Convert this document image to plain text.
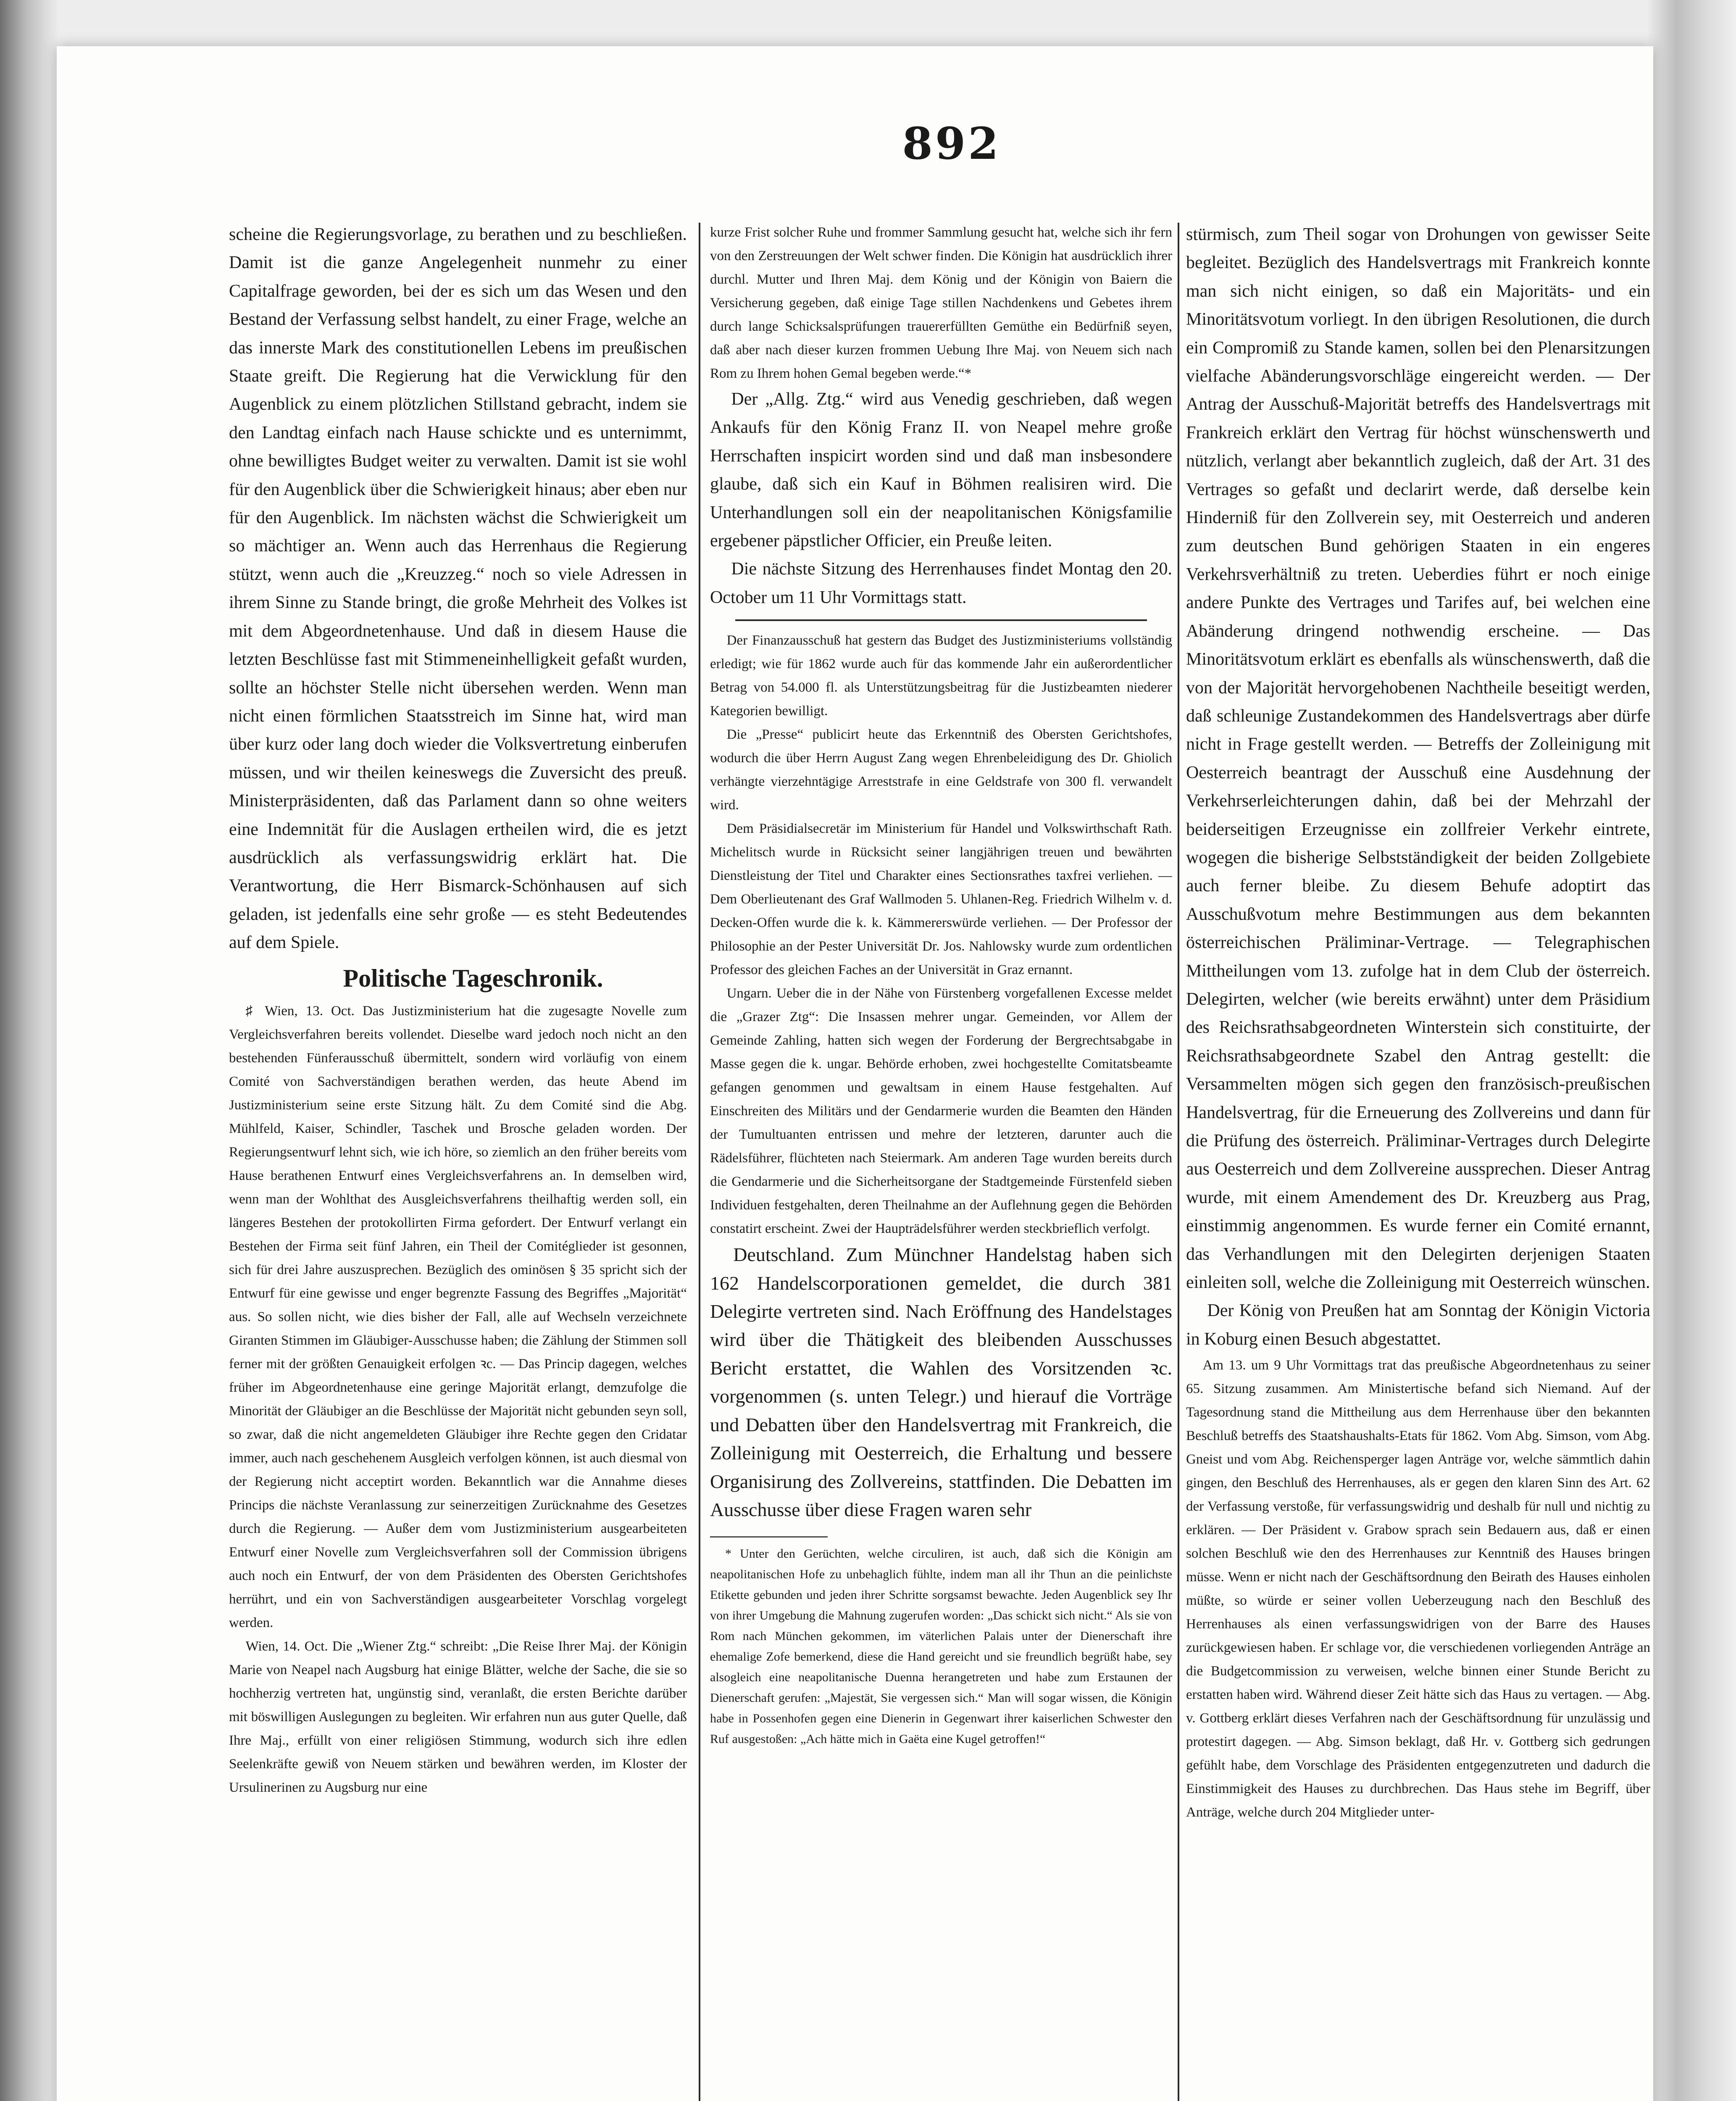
892

scheine die Regierungsvorlage, zu berathen und zu beschließen. Damit ist die ganze Angelegenheit nunmehr zu einer Capitalfrage geworden, bei der es sich um das Wesen und den Bestand der Verfassung selbst handelt, zu einer Frage, welche an das innerste Mark des constitutionellen Lebens im preußischen Staate greift. Die Regierung hat die Verwicklung für den Augenblick zu einem plötzlichen Stillstand gebracht, indem sie den Landtag einfach nach Hause schickte und es unternimmt, ohne bewilligtes Budget weiter zu verwalten. Damit ist sie wohl für den Augenblick über die Schwierigkeit hinaus; aber eben nur für den Augenblick. Im nächsten wächst die Schwierigkeit um so mächtiger an. Wenn auch das Herrenhaus die Regierung stützt, wenn auch die „Kreuzzeg.“ noch so viele Adressen in ihrem Sinne zu Stande bringt, die große Mehrheit des Volkes ist mit dem Abgeordnetenhause. Und daß in diesem Hause die letzten Beschlüsse fast mit Stimmeneinhelligkeit gefaßt wurden, sollte an höchster Stelle nicht übersehen werden. Wenn man nicht einen förmlichen Staatsstreich im Sinne hat, wird man über kurz oder lang doch wieder die Volksvertretung einberufen müssen, und wir theilen keineswegs die Zuversicht des preuß. Ministerpräsidenten, daß das Parlament dann so ohne weiters eine Indemnität für die Auslagen ertheilen wird, die es jetzt ausdrücklich als verfassungswidrig erklärt hat. Die Verantwortung, die Herr Bismarck-Schönhausen auf sich geladen, ist jedenfalls eine sehr große — es steht Bedeutendes auf dem Spiele.

Politische Tageschronik.

♯ Wien, 13. Oct. Das Justizministerium hat die zugesagte Novelle zum Vergleichsverfahren bereits vollendet. Dieselbe ward jedoch noch nicht an den bestehenden Fünferausschuß übermittelt, sondern wird vorläufig von einem Comité von Sachverständigen berathen werden, das heute Abend im Justizministerium seine erste Sitzung hält. Zu dem Comité sind die Abg. Mühlfeld, Kaiser, Schindler, Taschek und Brosche geladen worden. Der Regierungsentwurf lehnt sich, wie ich höre, so ziemlich an den früher bereits vom Hause berathenen Entwurf eines Vergleichsverfahrens an. In demselben wird, wenn man der Wohlthat des Ausgleichsverfahrens theilhaftig werden soll, ein längeres Bestehen der protokollirten Firma gefordert. Der Entwurf verlangt ein Bestehen der Firma seit fünf Jahren, ein Theil der Comitéglieder ist gesonnen, sich für drei Jahre auszusprechen. Bezüglich des ominösen § 35 spricht sich der Entwurf für eine gewisse und enger begrenzte Fassung des Begriffes „Majorität“ aus. So sollen nicht, wie dies bisher der Fall, alle auf Wechseln verzeichnete Giranten Stimmen im Gläubiger-Ausschusse haben; die Zählung der Stimmen soll ferner mit der größten Genauigkeit erfolgen ꝛc. — Das Princip dagegen, welches früher im Abgeordnetenhause eine geringe Majorität erlangt, demzufolge die Minorität der Gläubiger an die Beschlüsse der Majorität nicht gebunden seyn soll, so zwar, daß die nicht angemeldeten Gläubiger ihre Rechte gegen den Cridatar immer, auch nach geschehenem Ausgleich verfolgen können, ist auch diesmal von der Regierung nicht acceptirt worden. Bekanntlich war die Annahme dieses Princips die nächste Veranlassung zur seinerzeitigen Zurücknahme des Gesetzes durch die Regierung. — Außer dem vom Justizministerium ausgearbeiteten Entwurf einer Novelle zum Vergleichsverfahren soll der Commission übrigens auch noch ein Entwurf, der von dem Präsidenten des Obersten Gerichtshofes herrührt, und ein von Sachverständigen ausgearbeiteter Vorschlag vorgelegt werden.

Wien, 14. Oct. Die „Wiener Ztg.“ schreibt: „Die Reise Ihrer Maj. der Königin Marie von Neapel nach Augsburg hat einige Blätter, welche der Sache, die sie so hochherzig vertreten hat, ungünstig sind, veranlaßt, die ersten Berichte darüber mit böswilligen Auslegungen zu begleiten. Wir erfahren nun aus guter Quelle, daß Ihre Maj., erfüllt von einer religiösen Stimmung, wodurch sich ihre edlen Seelenkräfte gewiß von Neuem stärken und bewähren werden, im Kloster der Ursulinerinen zu Augsburg nur eine

kurze Frist solcher Ruhe und frommer Sammlung gesucht hat, welche sich ihr fern von den Zerstreuungen der Welt schwer finden. Die Königin hat ausdrücklich ihrer durchl. Mutter und Ihren Maj. dem König und der Königin von Baiern die Versicherung gegeben, daß einige Tage stillen Nachdenkens und Gebetes ihrem durch lange Schicksalsprüfungen trauererfüllten Gemüthe ein Bedürfniß seyen, daß aber nach dieser kurzen frommen Uebung Ihre Maj. von Neuem sich nach Rom zu Ihrem hohen Gemal begeben werde.“*

Der „Allg. Ztg.“ wird aus Venedig geschrieben, daß wegen Ankaufs für den König Franz II. von Neapel mehre große Herrschaften inspicirt worden sind und daß man insbesondere glaube, daß sich ein Kauf in Böhmen realisiren wird. Die Unterhandlungen soll ein der neapolitanischen Königsfamilie ergebener päpstlicher Officier, ein Preuße leiten.

Die nächste Sitzung des Herrenhauses findet Montag den 20. October um 11 Uhr Vormittags statt.

Der Finanzausschuß hat gestern das Budget des Justizministeriums vollständig erledigt; wie für 1862 wurde auch für das kommende Jahr ein außerordentlicher Betrag von 54.000 fl. als Unterstützungsbeitrag für die Justizbeamten niederer Kategorien bewilligt.

Die „Presse“ publicirt heute das Erkenntniß des Obersten Gerichtshofes, wodurch die über Herrn August Zang wegen Ehrenbeleidigung des Dr. Ghiolich verhängte vierzehntägige Arreststrafe in eine Geldstrafe von 300 fl. verwandelt wird.

Dem Präsidialsecretär im Ministerium für Handel und Volkswirthschaft Rath. Michelitsch wurde in Rücksicht seiner langjährigen treuen und bewährten Dienstleistung der Titel und Charakter eines Sectionsrathes taxfrei verliehen. — Dem Oberlieutenant des Graf Wallmoden 5. Uhlanen-Reg. Friedrich Wilhelm v. d. Decken-Offen wurde die k. k. Kämmererswürde verliehen. — Der Professor der Philosophie an der Pester Universität Dr. Jos. Nahlowsky wurde zum ordentlichen Professor des gleichen Faches an der Universität in Graz ernannt.

Ungarn. Ueber die in der Nähe von Fürstenberg vorgefallenen Excesse meldet die „Grazer Ztg“: Die Insassen mehrer ungar. Gemeinden, vor Allem der Gemeinde Zahling, hatten sich wegen der Forderung der Bergrechtsabgabe in Masse gegen die k. ungar. Behörde erhoben, zwei hochgestellte Comitatsbeamte gefangen genommen und gewaltsam in einem Hause festgehalten. Auf Einschreiten des Militärs und der Gendarmerie wurden die Beamten den Händen der Tumultuanten entrissen und mehre der letzteren, darunter auch die Rädelsführer, flüchteten nach Steiermark. Am anderen Tage wurden bereits durch die Gendarmerie und die Sicherheitsorgane der Stadtgemeinde Fürstenfeld sieben Individuen festgehalten, deren Theilnahme an der Auflehnung gegen die Behörden constatirt erscheint. Zwei der Haupträdelsführer werden steckbrieflich verfolgt.

Deutschland. Zum Münchner Handelstag haben sich 162 Handelscorporationen gemeldet, die durch 381 Delegirte vertreten sind. Nach Eröffnung des Handelstages wird über die Thätigkeit des bleibenden Ausschusses Bericht erstattet, die Wahlen des Vorsitzenden ꝛc. vorgenommen (s. unten Telegr.) und hierauf die Vorträge und Debatten über den Handelsvertrag mit Frankreich, die Zolleinigung mit Oesterreich, die Erhaltung und bessere Organisirung des Zollvereins, stattfinden. Die Debatten im Ausschusse über diese Fragen waren sehr

* Unter den Gerüchten, welche circuliren, ist auch, daß sich die Königin am neapolitanischen Hofe zu unbehaglich fühlte, indem man all ihr Thun an die peinlichste Etikette gebunden und jeden ihrer Schritte sorgsamst bewachte. Jeden Augenblick sey Ihr von ihrer Umgebung die Mahnung zugerufen worden: „Das schickt sich nicht.“ Als sie von Rom nach München gekommen, im väterlichen Palais unter der Dienerschaft ihre ehemalige Zofe bemerkend, diese die Hand gereicht und sie freundlich begrüßt habe, sey alsogleich eine neapolitanische Duenna herangetreten und habe zum Erstaunen der Dienerschaft gerufen: „Majestät, Sie vergessen sich.“ Man will sogar wissen, die Königin habe in Possenhofen gegen eine Dienerin in Gegenwart ihrer kaiserlichen Schwester den Ruf ausgestoßen: „Ach hätte mich in Gaëta eine Kugel getroffen!“

stürmisch, zum Theil sogar von Drohungen von gewisser Seite begleitet. Bezüglich des Handelsvertrags mit Frankreich konnte man sich nicht einigen, so daß ein Majoritäts- und ein Minoritätsvotum vorliegt. In den übrigen Resolutionen, die durch ein Compromiß zu Stande kamen, sollen bei den Plenarsitzungen vielfache Abänderungsvorschläge eingereicht werden. — Der Antrag der Ausschuß-Majorität betreffs des Handelsvertrags mit Frankreich erklärt den Vertrag für höchst wünschenswerth und nützlich, verlangt aber bekanntlich zugleich, daß der Art. 31 des Vertrages so gefaßt und declarirt werde, daß derselbe kein Hinderniß für den Zollverein sey, mit Oesterreich und anderen zum deutschen Bund gehörigen Staaten in ein engeres Verkehrsverhältniß zu treten. Ueberdies führt er noch einige andere Punkte des Vertrages und Tarifes auf, bei welchen eine Abänderung dringend nothwendig erscheine. — Das Minoritätsvotum erklärt es ebenfalls als wünschenswerth, daß die von der Majorität hervorgehobenen Nachtheile beseitigt werden, daß schleunige Zustandekommen des Handelsvertrags aber dürfe nicht in Frage gestellt werden. — Betreffs der Zolleinigung mit Oesterreich beantragt der Ausschuß eine Ausdehnung der Verkehrserleichterungen dahin, daß bei der Mehrzahl der beiderseitigen Erzeugnisse ein zollfreier Verkehr eintrete, wogegen die bisherige Selbstständigkeit der beiden Zollgebiete auch ferner bleibe. Zu diesem Behufe adoptirt das Ausschußvotum mehre Bestimmungen aus dem bekannten österreichischen Präliminar-Vertrage. — Telegraphischen Mittheilungen vom 13. zufolge hat in dem Club der österreich. Delegirten, welcher (wie bereits erwähnt) unter dem Präsidium des Reichsrathsabgeordneten Winterstein sich constituirte, der Reichsrathsabgeordnete Szabel den Antrag gestellt: die Versammelten mögen sich gegen den französisch-preußischen Handelsvertrag, für die Erneuerung des Zollvereins und dann für die Prüfung des österreich. Präliminar-Vertrages durch Delegirte aus Oesterreich und dem Zollvereine aussprechen. Dieser Antrag wurde, mit einem Amendement des Dr. Kreuzberg aus Prag, einstimmig angenommen. Es wurde ferner ein Comité ernannt, das Verhandlungen mit den Delegirten derjenigen Staaten einleiten soll, welche die Zolleinigung mit Oesterreich wünschen.

Der König von Preußen hat am Sonntag der Königin Victoria in Koburg einen Besuch abgestattet.

Am 13. um 9 Uhr Vormittags trat das preußische Abgeordnetenhaus zu seiner 65. Sitzung zusammen. Am Ministertische befand sich Niemand. Auf der Tagesordnung stand die Mittheilung aus dem Herrenhause über den bekannten Beschluß betreffs des Staatshaushalts-Etats für 1862. Vom Abg. Simson, vom Abg. Gneist und vom Abg. Reichensperger lagen Anträge vor, welche sämmtlich dahin gingen, den Beschluß des Herrenhauses, als er gegen den klaren Sinn des Art. 62 der Verfassung verstoße, für verfassungswidrig und deshalb für null und nichtig zu erklären. — Der Präsident v. Grabow sprach sein Bedauern aus, daß er einen solchen Beschluß wie den des Herrenhauses zur Kenntniß des Hauses bringen müsse. Wenn er nicht nach der Geschäftsordnung den Beirath des Hauses einholen müßte, so würde er seiner vollen Ueberzeugung nach den Beschluß des Herrenhauses als einen verfassungswidrigen von der Barre des Hauses zurückgewiesen haben. Er schlage vor, die verschiedenen vorliegenden Anträge an die Budgetcommission zu verweisen, welche binnen einer Stunde Bericht zu erstatten haben wird. Während dieser Zeit hätte sich das Haus zu vertagen. — Abg. v. Gottberg erklärt dieses Verfahren nach der Geschäftsordnung für unzulässig und protestirt dagegen. — Abg. Simson beklagt, daß Hr. v. Gottberg sich gedrungen gefühlt habe, dem Vorschlage des Präsidenten entgegenzutreten und dadurch die Einstimmigkeit des Hauses zu durchbrechen. Das Haus stehe im Begriff, über Anträge, welche durch 204 Mitglieder unter-
